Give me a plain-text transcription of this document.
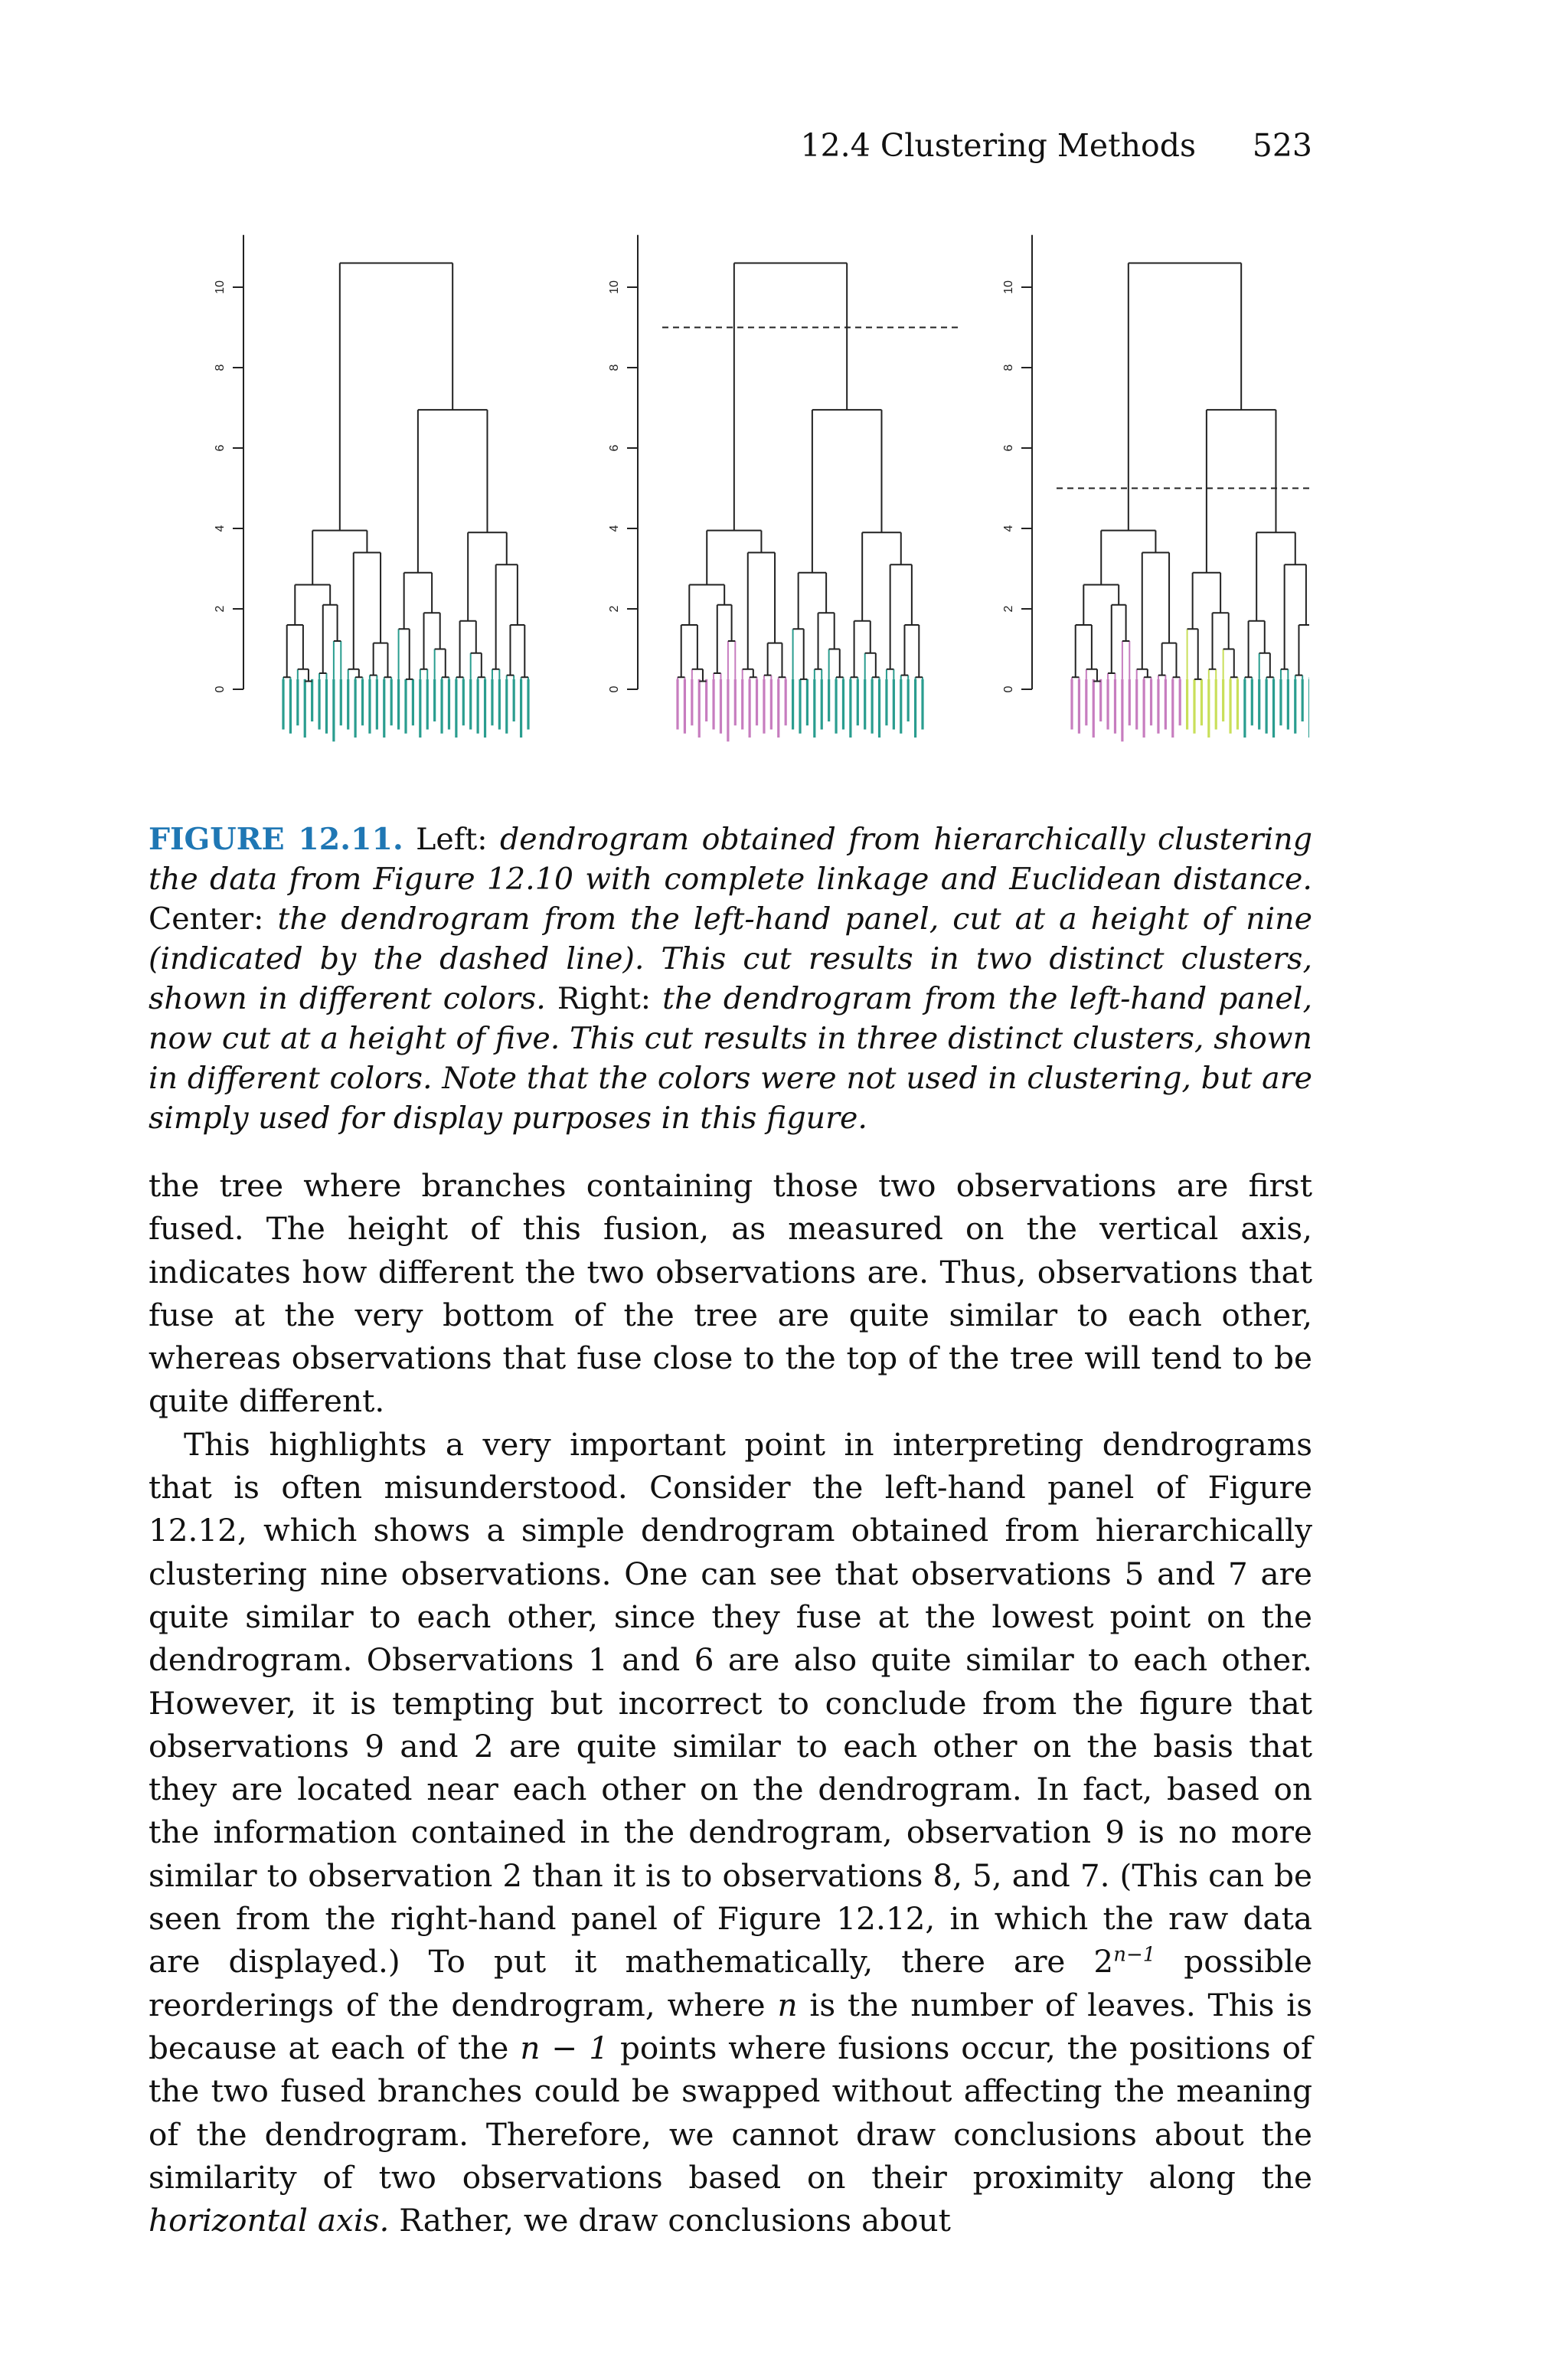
12.4 Clustering Methods 523
0
2
4
6
8
10
0
2
4
6
8
10
0
2
4
6
8
10
FIGURE 12.11. Left: dendrogram obtained from hierarchically clustering the data from Figure 12.10 with complete linkage and Euclidean distance. Center: the dendrogram from the left-hand panel, cut at a height of nine (indicated by the dashed line). This cut results in two distinct clusters, shown in different colors. Right: the dendrogram from the left-hand panel, now cut at a height of five. This cut results in three distinct clusters, shown in different colors. Note that the colors were not used in clustering, but are simply used for display purposes in this figure.

the tree where branches containing those two observations are first fused. The height of this fusion, as measured on the vertical axis, indicates how different the two observations are. Thus, observations that fuse at the very bottom of the tree are quite similar to each other, whereas observations that fuse close to the top of the tree will tend to be quite different.

This highlights a very important point in interpreting dendrograms that is often misunderstood. Consider the left-hand panel of Figure 12.12, which shows a simple dendrogram obtained from hierarchically clustering nine observations. One can see that observations 5 and 7 are quite similar to each other, since they fuse at the lowest point on the dendrogram. Observations 1 and 6 are also quite similar to each other. However, it is tempting but incorrect to conclude from the figure that observations 9 and 2 are quite similar to each other on the basis that they are located near each other on the dendrogram. In fact, based on the information contained in the dendrogram, observation 9 is no more similar to observation 2 than it is to observations 8, 5, and 7. (This can be seen from the right-hand panel of Figure 12.12, in which the raw data are displayed.) To put it mathematically, there are $2^{n-1}$ possible reorderings of the dendrogram, where n is the number of leaves. This is because at each of the n − 1 points where fusions occur, the positions of the two fused branches could be swapped without affecting the meaning of the dendrogram. Therefore, we cannot draw conclusions about the similarity of two observations based on their proximity along the horizontal axis. Rather, we draw conclusions about
